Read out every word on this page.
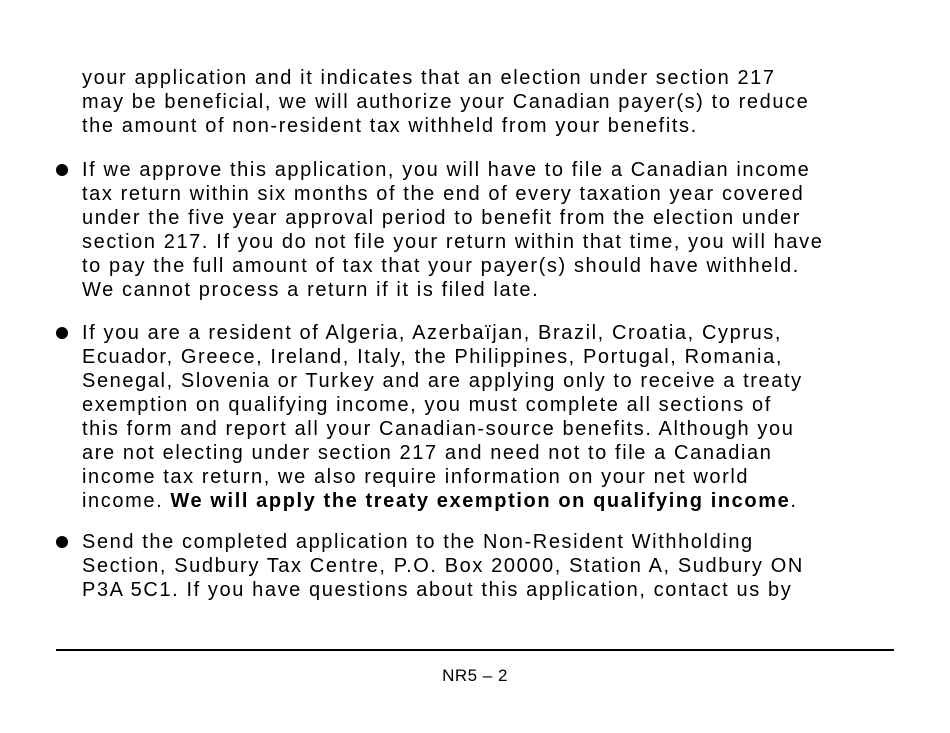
your application and it indicates that an election under section 217
may be beneficial, we will authorize your Canadian payer(s) to reduce
the amount of non-resident tax withheld from your benefits.
If we approve this application, you will have to file a Canadian income
tax return within six months of the end of every taxation year covered
under the five year approval period to benefit from the election under
section 217. If you do not file your return within that time, you will have
to pay the full amount of tax that your payer(s) should have withheld.
We cannot process a return if it is filed late.
If you are a resident of Algeria, Azerbaïjan, Brazil, Croatia, Cyprus,
Ecuador, Greece, Ireland, Italy, the Philippines, Portugal, Romania,
Senegal, Slovenia or Turkey and are applying only to receive a treaty
exemption on qualifying income, you must complete all sections of
this form and report all your Canadian-source benefits. Although you
are not electing under section 217 and need not to file a Canadian
income tax return, we also require information on your net world
income. We will apply the treaty exemption on qualifying income.
Send the completed application to the Non-Resident Withholding
Section, Sudbury Tax Centre, P.O. Box 20000, Station A, Sudbury ON
P3A 5C1. If you have questions about this application, contact us by
NR5 – 2
